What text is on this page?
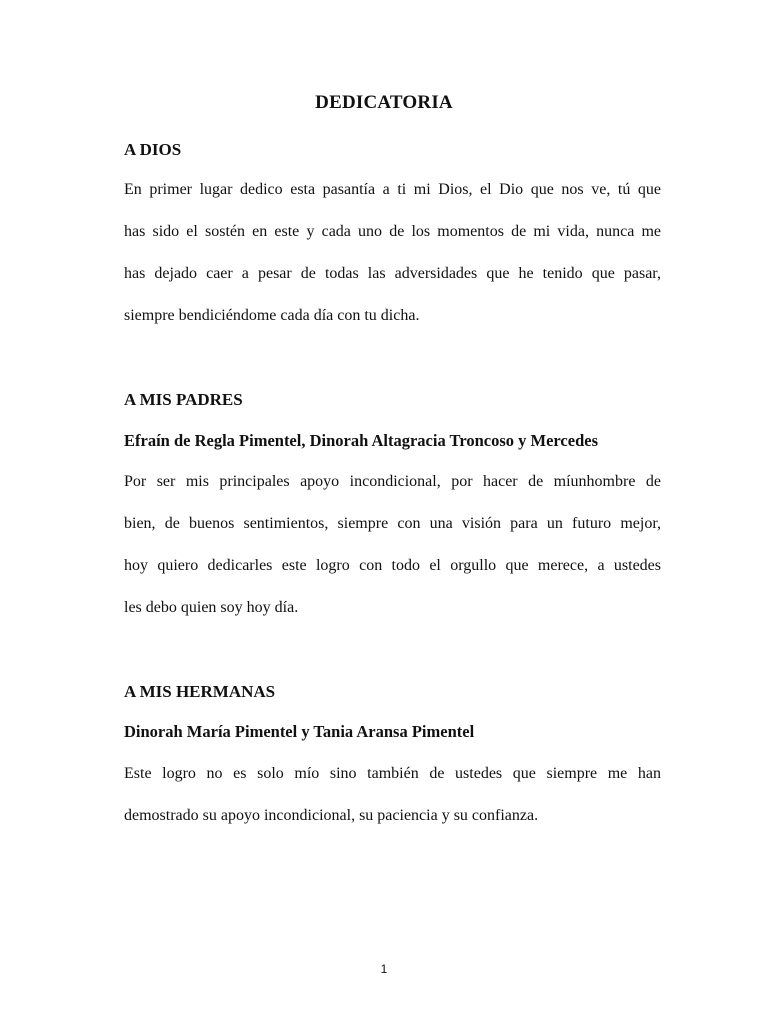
DEDICATORIA
A DIOS

En primer lugar dedico esta pasantía a ti mi Dios, el Dio que nos ve, tú que
has sido el sostén en este y cada uno de los momentos de mi vida, nunca me
has dejado caer a pesar de todas las adversidades que he tenido que pasar,
siempre bendiciéndome cada día con tu dicha.

A MIS PADRES

Efraín de Regla Pimentel, Dinorah Altagracia Troncoso y Mercedes

Por ser mis principales apoyo incondicional, por hacer de míunhombre de
bien, de buenos sentimientos, siempre con una visión para un futuro mejor,
hoy quiero dedicarles este logro con todo el orgullo que merece, a ustedes
les debo quien soy hoy día.

A MIS HERMANAS

Dinorah María Pimentel y Tania Aransa Pimentel

Este logro no es solo mío sino también de ustedes que siempre me han
demostrado su apoyo incondicional, su paciencia y su confianza.

1
